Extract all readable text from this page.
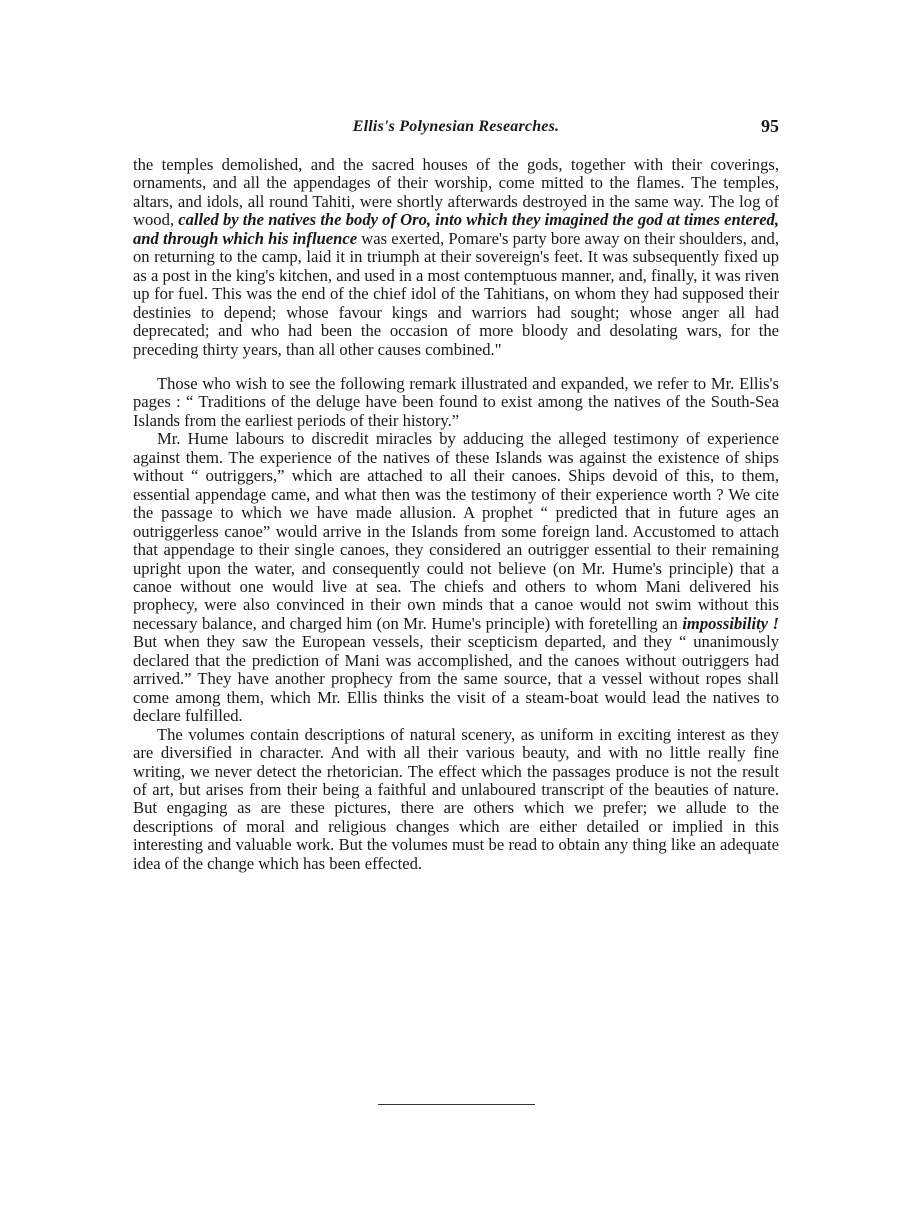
Ellis's Polynesian Researches.	95

the temples demolished, and the sacred houses of the gods, together with their coverings, ornaments, and all the appendages of their worship, come mitted to the flames. The temples, altars, and idols, all round Tahiti, were shortly afterwards destroyed in the same way. The log of wood, called by the natives the body of Oro, into which they imagined the god at times entered, and through which his influence was exerted, Pomare's party bore away on their shoulders, and, on returning to the camp, laid it in triumph at their sovereign's feet. It was subsequently fixed up as a post in the king's kitchen, and used in a most contemptuous manner, and, finally, it was riven up for fuel. This was the end of the chief idol of the Tahitians, on whom they had supposed their destinies to depend; whose favour kings and warriors had sought; whose anger all had deprecated; and who had been the occasion of more bloody and desolating wars, for the preceding thirty years, than all other causes combined."

Those who wish to see the following remark illustrated and expanded, we refer to Mr. Ellis's pages : “ Traditions of the deluge have been found to exist among the natives of the South-Sea Islands from the earliest periods of their history.”

Mr. Hume labours to discredit miracles by adducing the alleged testimony of experience against them. The experience of the natives of these Islands was against the existence of ships without “ outriggers,” which are attached to all their canoes. Ships devoid of this, to them, essential appendage came, and what then was the testimony of their experience worth ? We cite the passage to which we have made allusion. A prophet “ predicted that in future ages an outriggerless canoe” would arrive in the Islands from some foreign land. Accustomed to attach that appendage to their single canoes, they considered an outrigger essential to their remaining upright upon the water, and consequently could not believe (on Mr. Hume's principle) that a canoe without one would live at sea. The chiefs and others to whom Mani delivered his prophecy, were also convinced in their own minds that a canoe would not swim without this necessary balance, and charged him (on Mr. Hume's principle) with foretelling an impossibility ! But when they saw the European vessels, their scepticism departed, and they “ unanimously declared that the prediction of Mani was accomplished, and the canoes without outriggers had arrived.” They have another prophecy from the same source, that a vessel without ropes shall come among them, which Mr. Ellis thinks the visit of a steam-boat would lead the natives to declare fulfilled.

The volumes contain descriptions of natural scenery, as uniform in exciting interest as they are diversified in character. And with all their various beauty, and with no little really fine writing, we never detect the rhetorician. The effect which the passages produce is not the result of art, but arises from their being a faithful and unlaboured transcript of the beauties of nature. But engaging as are these pictures, there are others which we prefer; we allude to the descriptions of moral and religious changes which are either detailed or implied in this interesting and valuable work. But the volumes must be read to obtain any thing like an adequate idea of the change which has been effected.
